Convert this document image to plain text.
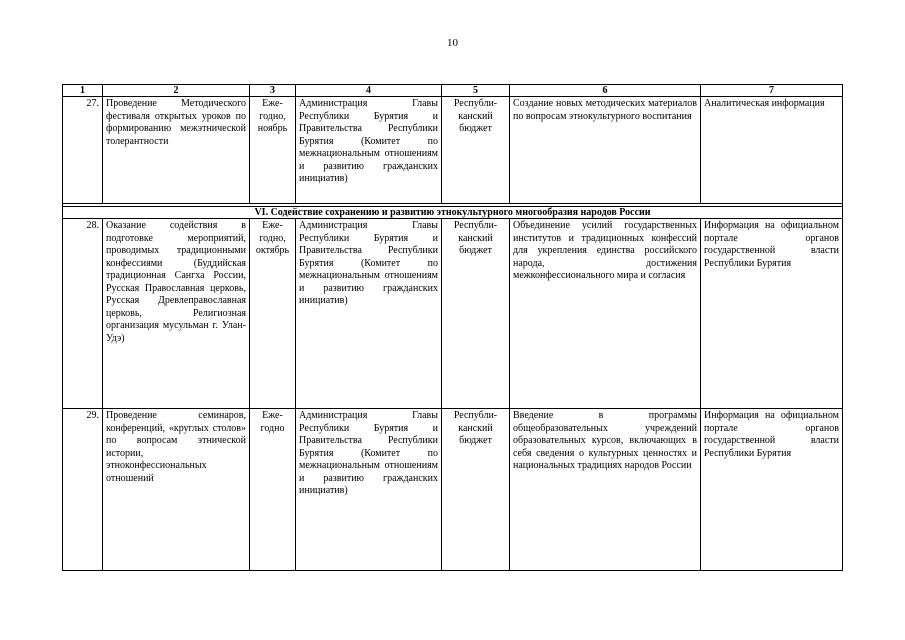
10
1	2	3	4	5	6	7
27.	Проведение Методического фестиваля открытых уроков по формированию межэтнической толерантности	Еже-годно, ноябрь	Администрация Главы Республики Бурятия и Правительства Республики Бурятия (Комитет по межнациональным отношениям и развитию гражданских инициатив)	Республи-канский бюджет	Создание новых методических материалов по вопросам этнокультурного воспитания	Аналитическая информация

VI. Содействие сохранению и развитию этнокультурного многообразия народов России						
28.	Оказание содействия в подготовке мероприятий, проводимых традиционными конфессиями (Буддийская традиционная Сангха России, Русская Православная церковь, Русская Древлеправославная церковь, Религиозная организация мусульман г. Улан-Удэ)	Еже-годно, октябрь	Администрация Главы Республики Бурятия и Правительства Республики Бурятия (Комитет по межнациональным отношениям и развитию гражданских инициатив)	Республи-канский бюджет	Объединение усилий государственных институтов и традиционных конфессий для укрепления единства российского народа, достижения межконфессионального мира и согласия	Информация на официальном портале органов государственной власти Республики Бурятия
29.	Проведение семинаров, конференций, «круглых столов» по вопросам этнической истории, этноконфессиональных отношений	Еже-годно	Администрация Главы Республики Бурятия и Правительства Республики Бурятия (Комитет по межнациональным отношениям и развитию гражданских инициатив)	Республи-канский бюджет	Введение в программы общеобразовательных учреждений образовательных курсов, включающих в себя сведения о культурных ценностях и национальных традициях народов России	Информация на официальном портале органов государственной власти Республики Бурятия
